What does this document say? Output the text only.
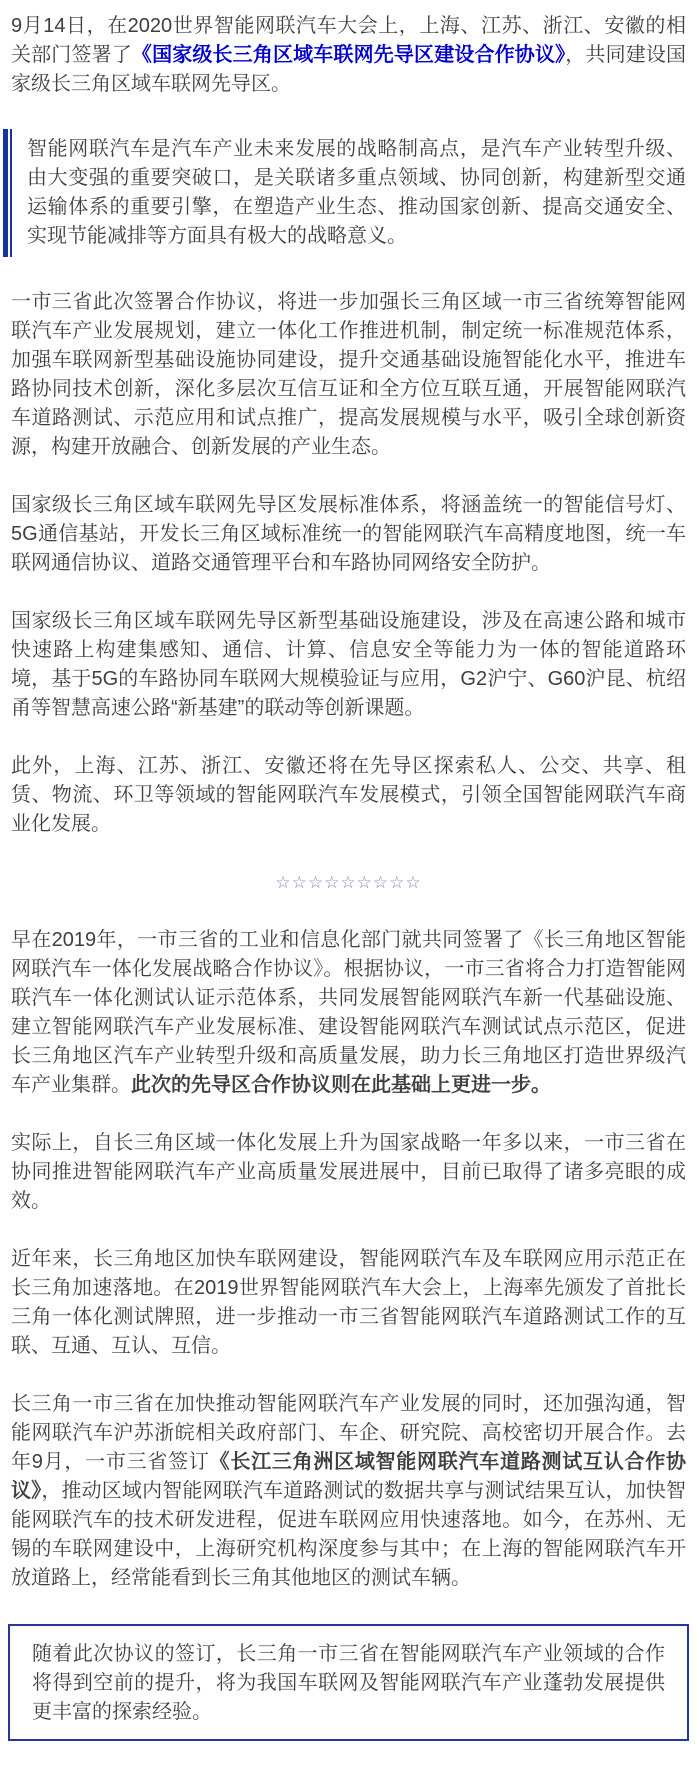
9月14日，在2020世界智能网联汽车大会上，上海、江苏、浙江、安徽的相关部门签署了《国家级长三角区域车联网先导区建设合作协议》，共同建设国家级长三角区域车联网先导区。

智能网联汽车是汽车产业未来发展的战略制高点，是汽车产业转型升级、由大变强的重要突破口，是关联诸多重点领域、协同创新，构建新型交通运输体系的重要引擎，在塑造产业生态、推动国家创新、提高交通安全、实现节能减排等方面具有极大的战略意义。

一市三省此次签署合作协议，将进一步加强长三角区域一市三省统筹智能网联汽车产业发展规划，建立一体化工作推进机制，制定统一标准规范体系，加强车联网新型基础设施协同建设，提升交通基础设施智能化水平，推进车路协同技术创新，深化多层次互信互证和全方位互联互通，开展智能网联汽车道路测试、示范应用和试点推广，提高发展规模与水平，吸引全球创新资源，构建开放融合、创新发展的产业生态。

国家级长三角区域车联网先导区发展标准体系，将涵盖统一的智能信号灯、5G通信基站，开发长三角区域标准统一的智能网联汽车高精度地图，统一车联网通信协议、道路交通管理平台和车路协同网络安全防护。

国家级长三角区域车联网先导区新型基础设施建设，涉及在高速公路和城市快速路上构建集感知、通信、计算、信息安全等能力为一体的智能道路环境，基于5G的车路协同车联网大规模验证与应用，G2沪宁、G60沪昆、杭绍甬等智慧高速公路“新基建”的联动等创新课题。

此外，上海、江苏、浙江、安徽还将在先导区探索私人、公交、共享、租赁、物流、环卫等领域的智能网联汽车发展模式，引领全国智能网联汽车商业化发展。

☆☆☆☆☆☆☆☆☆

早在2019年，一市三省的工业和信息化部门就共同签署了《长三角地区智能网联汽车一体化发展战略合作协议》。根据协议，一市三省将合力打造智能网联汽车一体化测试认证示范体系，共同发展智能网联汽车新一代基础设施、建立智能网联汽车产业发展标准、建设智能网联汽车测试试点示范区，促进长三角地区汽车产业转型升级和高质量发展，助力长三角地区打造世界级汽车产业集群。此次的先导区合作协议则在此基础上更进一步。

实际上，自长三角区域一体化发展上升为国家战略一年多以来，一市三省在协同推进智能网联汽车产业高质量发展进展中，目前已取得了诸多亮眼的成效。

近年来，长三角地区加快车联网建设，智能网联汽车及车联网应用示范正在长三角加速落地。在2019世界智能网联汽车大会上，上海率先颁发了首批长三角一体化测试牌照，进一步推动一市三省智能网联汽车道路测试工作的互联、互通、互认、互信。

长三角一市三省在加快推动智能网联汽车产业发展的同时，还加强沟通，智能网联汽车沪苏浙皖相关政府部门、车企、研究院、高校密切开展合作。去年9月，一市三省签订《长江三角洲区域智能网联汽车道路测试互认合作协议》，推动区域内智能网联汽车道路测试的数据共享与测试结果互认，加快智能网联汽车的技术研发进程，促进车联网应用快速落地。如今，在苏州、无锡的车联网建设中，上海研究机构深度参与其中；在上海的智能网联汽车开放道路上，经常能看到长三角其他地区的测试车辆。

随着此次协议的签订，长三角一市三省在智能网联汽车产业领域的合作将得到空前的提升，将为我国车联网及智能网联汽车产业蓬勃发展提供更丰富的探索经验。
